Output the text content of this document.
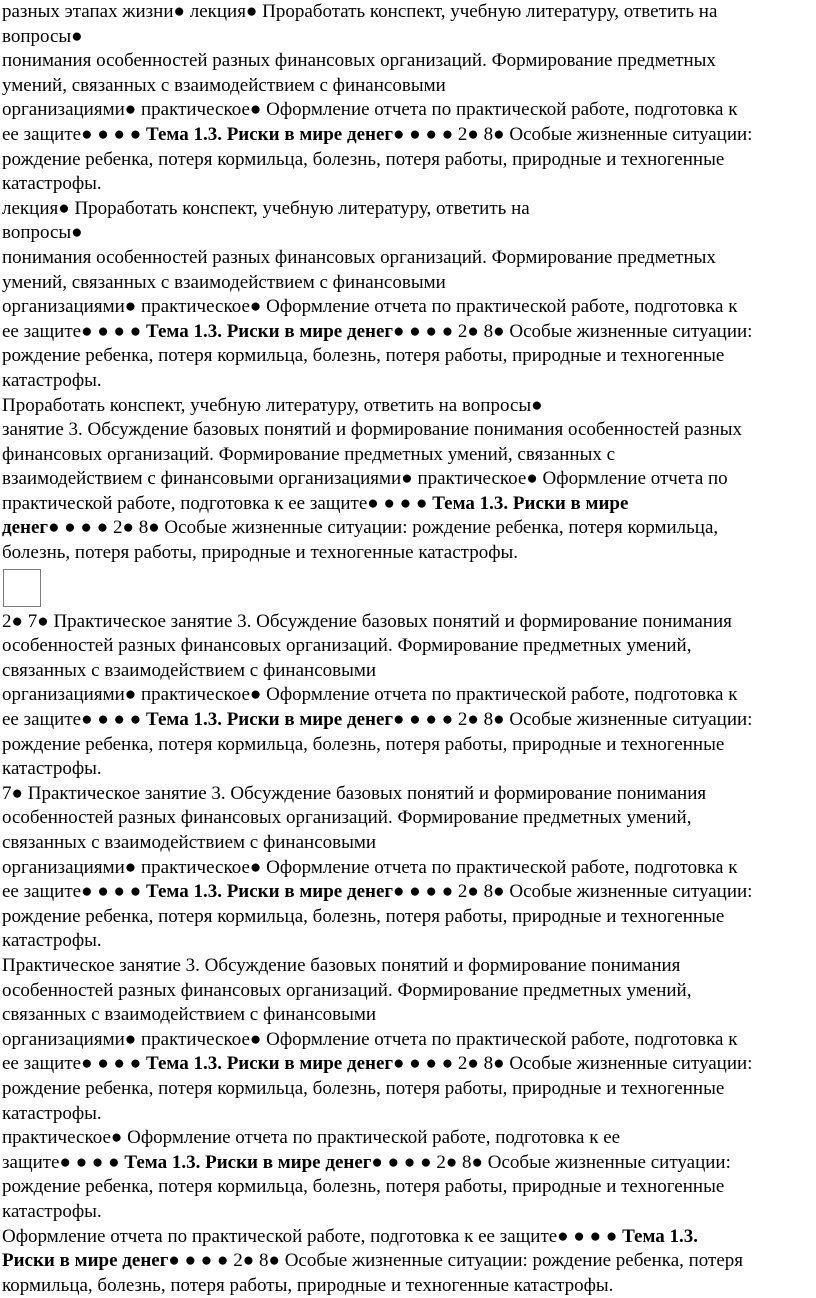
разных этапах жизни● лекция● Проработать конспект, учебную литературу, ответить на
вопросы●
понимания особенностей разных финансовых организаций. Формирование предметных
умений, связанных с взаимодействием с финансовыми
организациями● практическое● Оформление отчета по практической работе, подготовка к
ее защите● ● ● ● Тема 1.3. Риски в мире денег● ● ● ● 2● 8● Особые жизненные ситуации:
рождение ребенка, потеря кормильца, болезнь, потеря работы, природные и техногенные
катастрофы.
лекция● Проработать конспект, учебную литературу, ответить на
вопросы●
понимания особенностей разных финансовых организаций. Формирование предметных
умений, связанных с взаимодействием с финансовыми
организациями● практическое● Оформление отчета по практической работе, подготовка к
ее защите● ● ● ● Тема 1.3. Риски в мире денег● ● ● ● 2● 8● Особые жизненные ситуации:
рождение ребенка, потеря кормильца, болезнь, потеря работы, природные и техногенные
катастрофы.
Проработать конспект, учебную литературу, ответить на вопросы●
занятие 3. Обсуждение базовых понятий и формирование понимания особенностей разных
финансовых организаций. Формирование предметных умений, связанных с
взаимодействием с финансовыми организациями● практическое● Оформление отчета по
практической работе, подготовка к ее защите● ● ● ● Тема 1.3. Риски в мире
денег● ● ● ● 2● 8● Особые жизненные ситуации: рождение ребенка, потеря кормильца,
болезнь, потеря работы, природные и техногенные катастрофы.
2● 7● Практическое занятие 3. Обсуждение базовых понятий и формирование понимания
особенностей разных финансовых организаций. Формирование предметных умений,
связанных с взаимодействием с финансовыми
организациями● практическое● Оформление отчета по практической работе, подготовка к
ее защите● ● ● ● Тема 1.3. Риски в мире денег● ● ● ● 2● 8● Особые жизненные ситуации:
рождение ребенка, потеря кормильца, болезнь, потеря работы, природные и техногенные
катастрофы.
7● Практическое занятие 3. Обсуждение базовых понятий и формирование понимания
особенностей разных финансовых организаций. Формирование предметных умений,
связанных с взаимодействием с финансовыми
организациями● практическое● Оформление отчета по практической работе, подготовка к
ее защите● ● ● ● Тема 1.3. Риски в мире денег● ● ● ● 2● 8● Особые жизненные ситуации:
рождение ребенка, потеря кормильца, болезнь, потеря работы, природные и техногенные
катастрофы.
Практическое занятие 3. Обсуждение базовых понятий и формирование понимания
особенностей разных финансовых организаций. Формирование предметных умений,
связанных с взаимодействием с финансовыми
организациями● практическое● Оформление отчета по практической работе, подготовка к
ее защите● ● ● ● Тема 1.3. Риски в мире денег● ● ● ● 2● 8● Особые жизненные ситуации:
рождение ребенка, потеря кормильца, болезнь, потеря работы, природные и техногенные
катастрофы.
практическое● Оформление отчета по практической работе, подготовка к ее
защите● ● ● ● Тема 1.3. Риски в мире денег● ● ● ● 2● 8● Особые жизненные ситуации:
рождение ребенка, потеря кормильца, болезнь, потеря работы, природные и техногенные
катастрофы.
Оформление отчета по практической работе, подготовка к ее защите● ● ● ● Тема 1.3.
Риски в мире денег● ● ● ● 2● 8● Особые жизненные ситуации: рождение ребенка, потеря
кормильца, болезнь, потеря работы, природные и техногенные катастрофы.
